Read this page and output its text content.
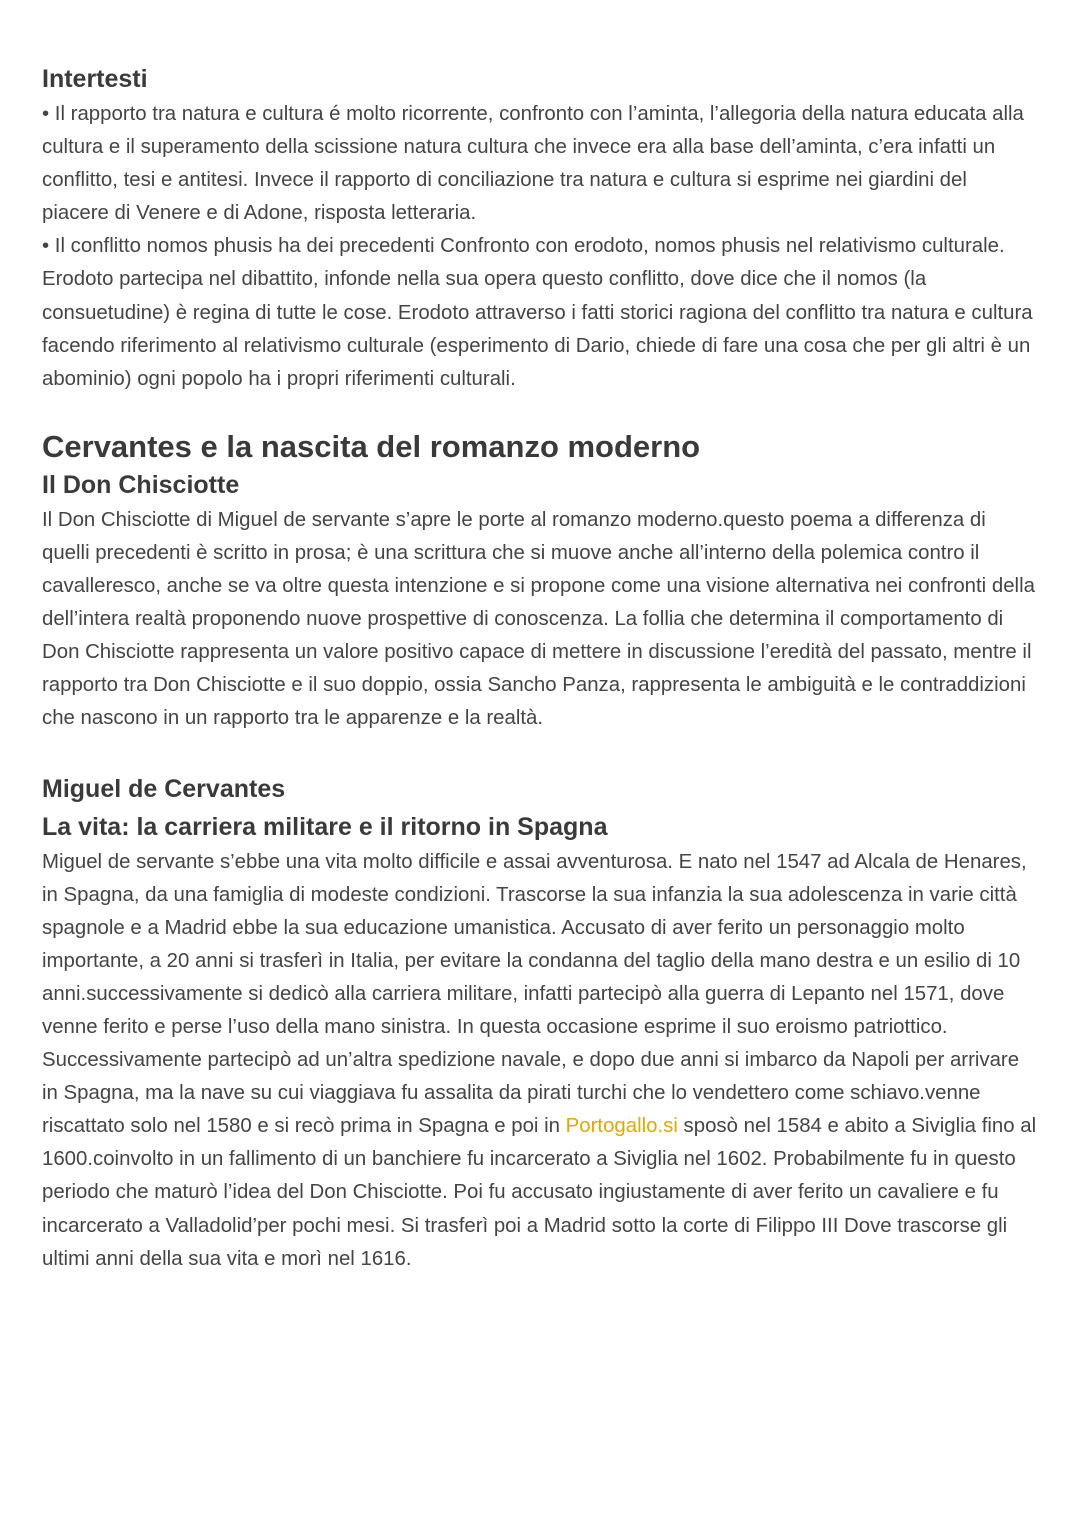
Intertesti

• Il rapporto tra natura e cultura é molto ricorrente, confronto con l’aminta, l’allegoria della natura educata alla cultura e il superamento della scissione natura cultura che invece era alla base dell’aminta, c’era infatti un conflitto, tesi e antitesi. Invece il rapporto di conciliazione tra natura e cultura si esprime nei giardini del piacere di Venere e di Adone, risposta letteraria.

• Il conflitto nomos phusis ha dei precedenti Confronto con erodoto, nomos phusis nel relativismo culturale. Erodoto partecipa nel dibattito, infonde nella sua opera questo conflitto, dove dice che il nomos (la consuetudine) è regina di tutte le cose. Erodoto attraverso i fatti storici ragiona del conflitto tra natura e cultura facendo riferimento al relativismo culturale (esperimento di Dario, chiede di fare una cosa che per gli altri è un abominio) ogni popolo ha i propri riferimenti culturali.

Cervantes e la nascita del romanzo moderno
Il Don Chisciotte

Il Don Chisciotte di Miguel de servante s’apre le porte al romanzo moderno.questo poema a differenza di quelli precedenti è scritto in prosa; è una scrittura che si muove anche all’interno della polemica contro il cavalleresco, anche se va oltre questa intenzione e si propone come una visione alternativa nei confronti della dell’intera realtà proponendo nuove prospettive di conoscenza. La follia che determina il comportamento di Don Chisciotte rappresenta un valore positivo capace di mettere in discussione l’eredità del passato, mentre il rapporto tra Don Chisciotte e il suo doppio, ossia Sancho Panza, rappresenta le ambiguità e le contraddizioni che nascono in un rapporto tra le apparenze e la realtà.

Miguel de Cervantes
La vita: la carriera militare e il ritorno in Spagna

Miguel de servante s’ebbe una vita molto difficile e assai avventurosa. E nato nel 1547 ad Alcala de Henares, in Spagna, da una famiglia di modeste condizioni. Trascorse la sua infanzia la sua adolescenza in varie città spagnole e a Madrid ebbe la sua educazione umanistica. Accusato di aver ferito un personaggio molto importante, a 20 anni si trasferì in Italia, per evitare la condanna del taglio della mano destra e un esilio di 10 anni.successivamente si dedicò alla carriera militare, infatti partecipò alla guerra di Lepanto nel 1571, dove venne ferito e perse l’uso della mano sinistra. In questa occasione esprime il suo eroismo patriottico. Successivamente partecipò ad un’altra spedizione navale, e dopo due anni si imbarco da Napoli per arrivare in Spagna, ma la nave su cui viaggiava fu assalita da pirati turchi che lo vendettero come schiavo.venne riscattato solo nel 1580 e si recò prima in Spagna e poi in Portogallo.si sposò nel 1584 e abito a Siviglia fino al 1600.coinvolto in un fallimento di un banchiere fu incarcerato a Siviglia nel 1602. Probabilmente fu in questo periodo che maturò l’idea del Don Chisciotte. Poi fu accusato ingiustamente di aver ferito un cavaliere e fu incarcerato a Valladolid’per pochi mesi. Si trasferì poi a Madrid sotto la corte di Filippo III Dove trascorse gli ultimi anni della sua vita e morì nel 1616.
